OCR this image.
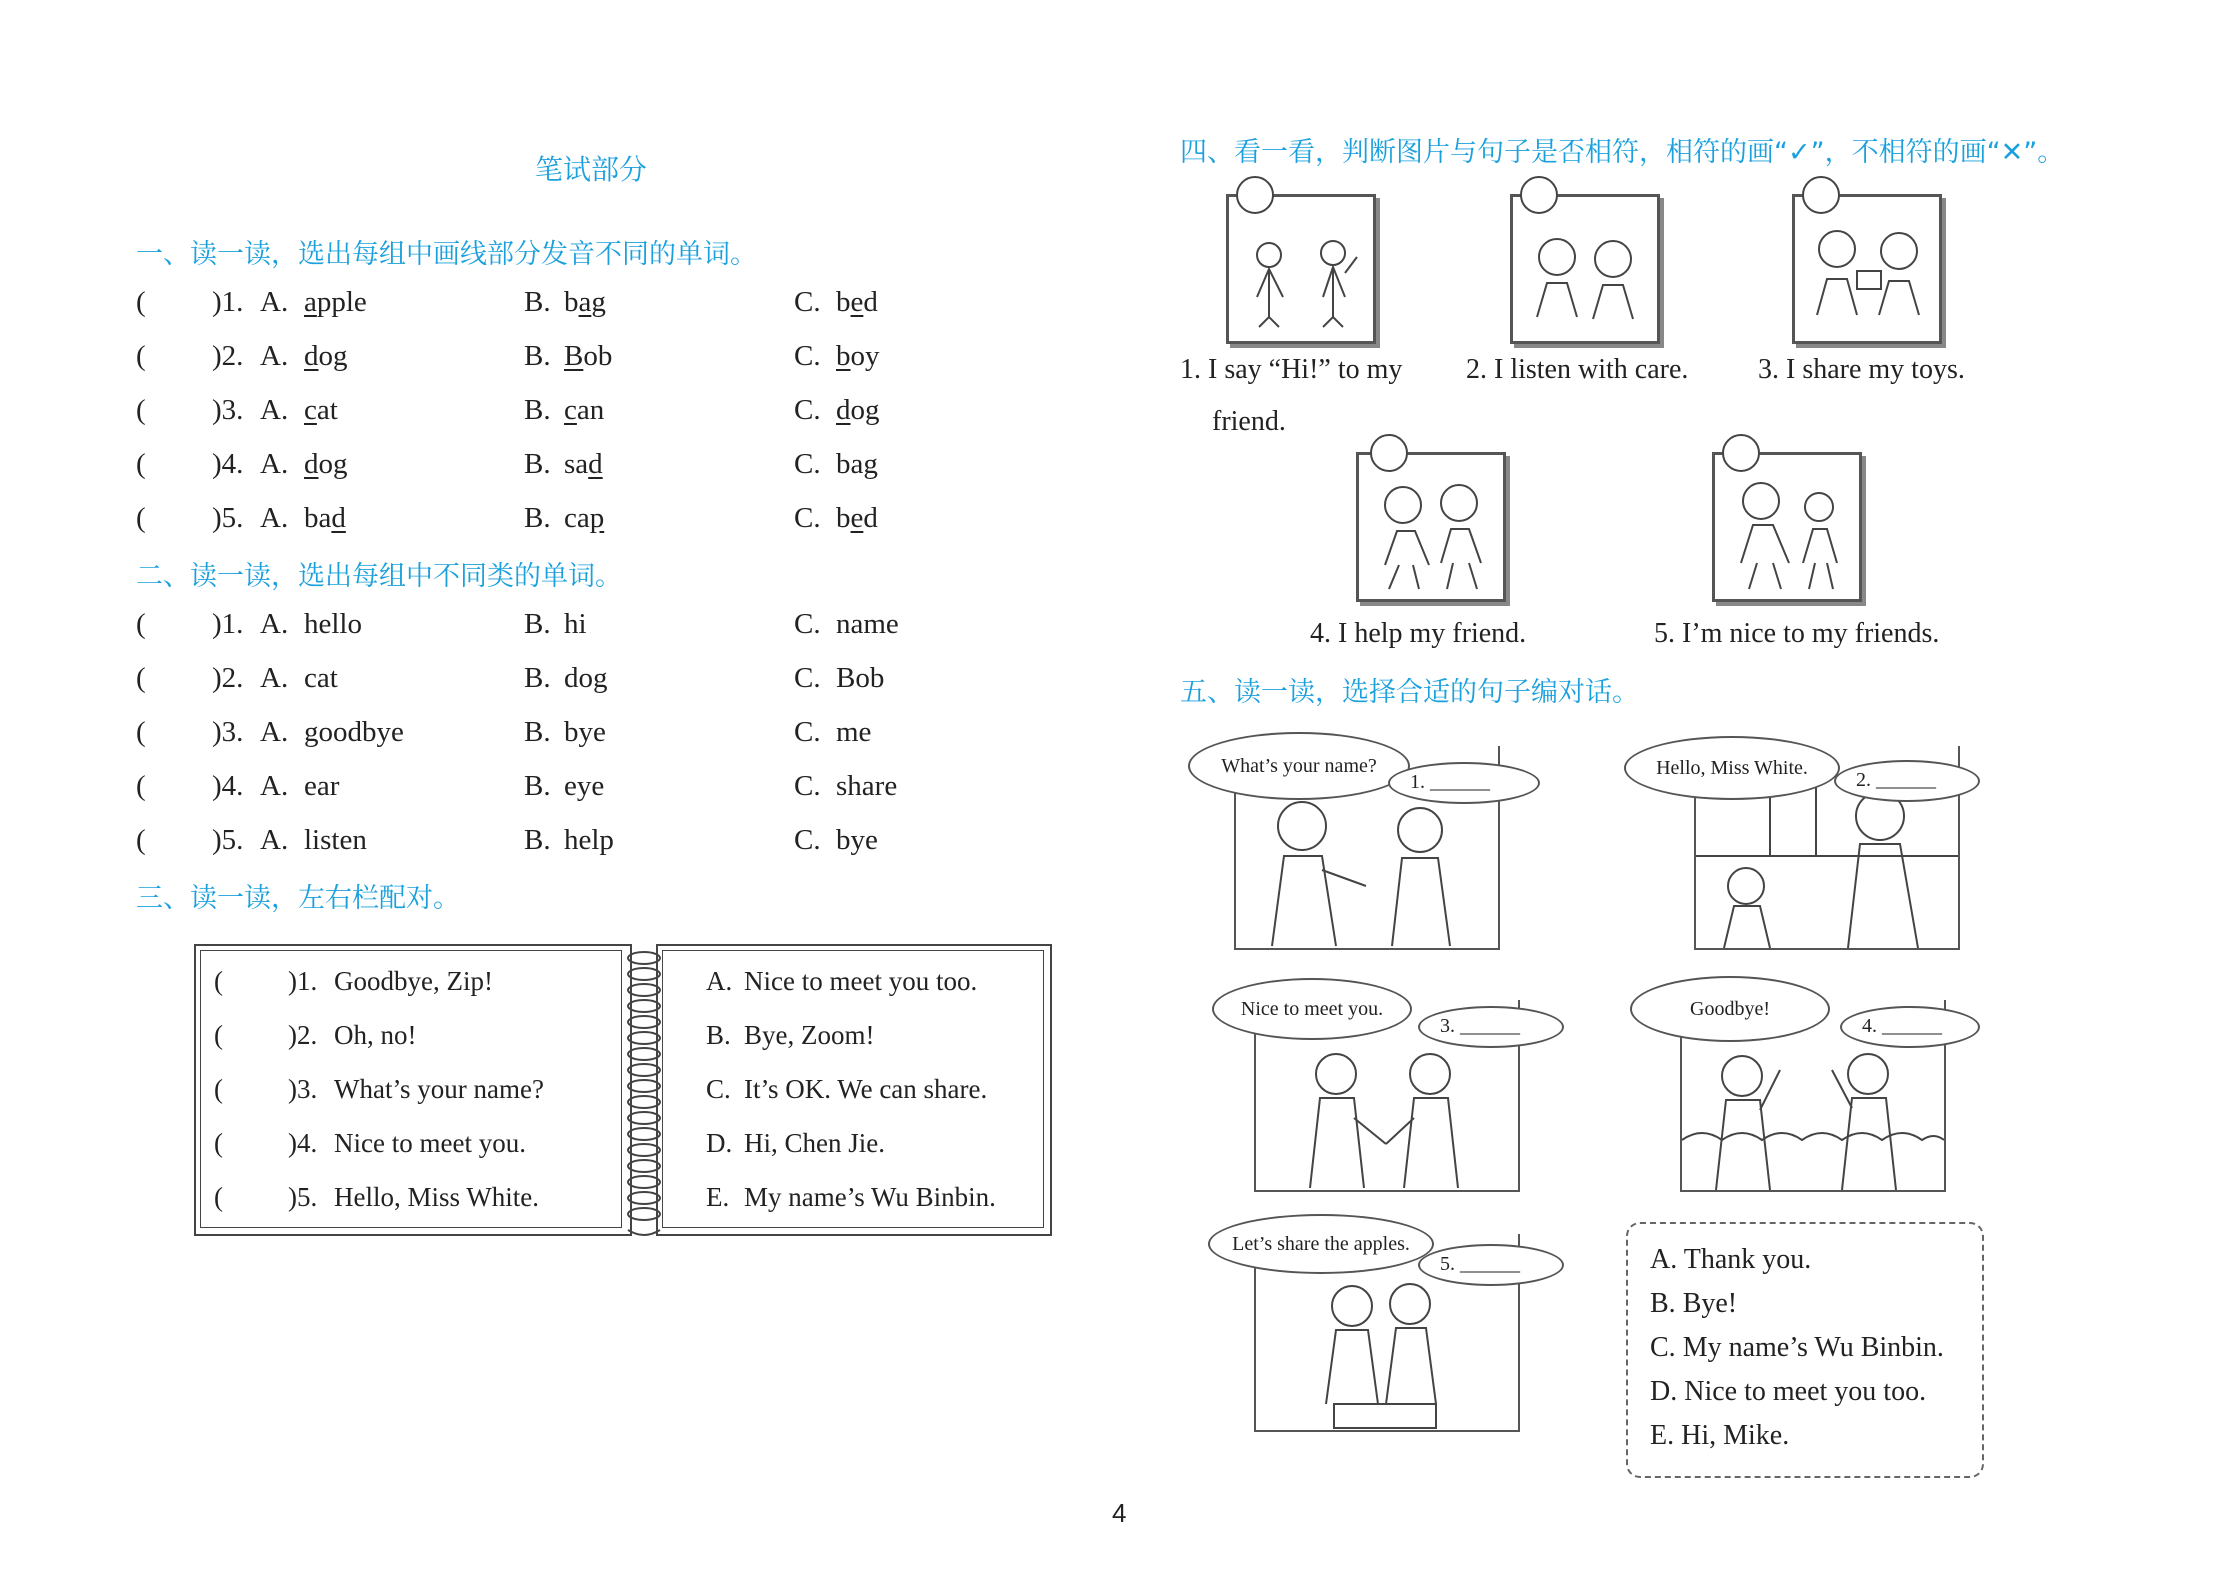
笔试部分
一、读一读，选出每组中画线部分发音不同的单词。
( )1. A. apple	B. bag	C. bed
( )2. A. dog	B. Bob	C. boy
( )3. A. cat	B. can	C. dog
( )4. A. dog	B. sad	C. bag
( )5. A. bad	B. cap	C. bed
二、读一读，选出每组中不同类的单词。
( )1. A. hello	B. hi	C. name
( )2. A. cat	B. dog	C. Bob
( )3. A. goodbye	B. bye	C. me
( )4. A. ear	B. eye	C. share
( )5. A. listen	B. help	C. bye
三、读一读，左右栏配对。
( )1. Goodbye, Zip!
( )2. Oh, no!
( )3. What’s your name?
( )4. Nice to meet you.
( )5. Hello, Miss White.
A. Nice to meet you too.
B. Bye, Zoom!
C. It’s OK. We can share.
D. Hi, Chen Jie.
E. My name’s Wu Binbin.
四、看一看，判断图片与句子是否相符，相符的画“✓”，不相符的画“✕”。
1. I say “Hi!” to my
friend.
2. I listen with care. 3. I share my toys.
4. I help my friend.	5. I’m nice to my friends.
五、读一读，选择合适的句子编对话。
What’s your name?
1. ______
Hello, Miss White.
2. ______
Nice to meet you.
3. ______
Goodbye!
4. ______
Let’s share the apples.
5. ______	A. Thank you.
B. Bye!
C. My name’s Wu Binbin.
D. Nice to meet you too.
E. Hi, Mike.
4
